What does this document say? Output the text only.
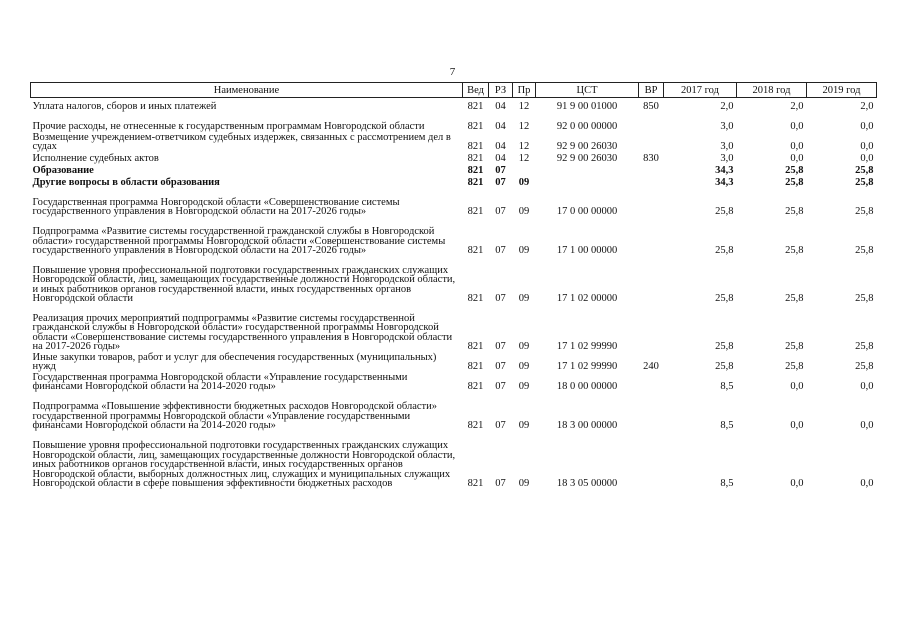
7
Наименование	Вед	РЗ	Пр	ЦСТ	ВР	2017 год	2018 год	2019 год
Уплата налогов, сборов и иных платежей	821	04	12	91 9 00 01000	850	2,0	2,0	2,0
Прочие расходы, не отнесенные к государственным программам Новгородской области	821	04	12	92 0 00 00000		3,0	0,0	0,0
Возмещение учреждением-ответчиком судебных издержек, связанных с рассмотрением дел в судах	821	04	12	92 9 00 26030		3,0	0,0	0,0
Исполнение судебных актов	821	04	12	92 9 00 26030	830	3,0	0,0	0,0
Образование	821	07				34,3	25,8	25,8
Другие вопросы в области образования	821	07	09			34,3	25,8	25,8
Государственная программа Новгородской области «Совершенствование системы государственного управления в Новгородской области на 2017-2026 годы»	821	07	09	17 0 00 00000		25,8	25,8	25,8
Подпрограмма «Развитие системы государственной гражданской службы в Новгородской области» государственной программы Новгородской области «Совершенствование системы государственного управления в Новгородской области на 2017-2026 годы»	821	07	09	17 1 00 00000		25,8	25,8	25,8
Повышение уровня профессиональной подготовки государственных гражданских служащих Новгородской области, лиц, замещающих государственные должности Новгородской области, и иных работников органов государственной власти, иных государственных органов Новгородской области	821	07	09	17 1 02 00000		25,8	25,8	25,8
Реализация прочих мероприятий подпрограммы «Развитие системы государственной гражданской службы в Новгородской области» государственной программы Новгородской области «Совершенствование системы государственного управления в Новгородской области на 2017-2026 годы»	821	07	09	17 1 02 99990		25,8	25,8	25,8
Иные закупки товаров, работ и услуг для обеспечения государственных (муниципальных) нужд	821	07	09	17 1 02 99990	240	25,8	25,8	25,8
Государственная программа Новгородской области «Управление государственными финансами Новгородской области на 2014-2020 годы»	821	07	09	18 0 00 00000		8,5	0,0	0,0
Подпрограмма «Повышение эффективности бюджетных расходов Новгородской области» государственной программы Новгородской области «Управление государственными финансами Новгородской области на 2014-2020 годы»	821	07	09	18 3 00 00000		8,5	0,0	0,0
Повышение уровня профессиональной подготовки государственных гражданских служащих Новгородской области, лиц, замещающих государственные должности Новгородской области, иных работников органов государственной власти, иных государственных органов Новгородской области, выборных должностных лиц, служащих и муниципальных служащих Новгородской области в сфере повышения эффективности бюджетных расходов	821	07	09	18 3 05 00000		8,5	0,0	0,0
